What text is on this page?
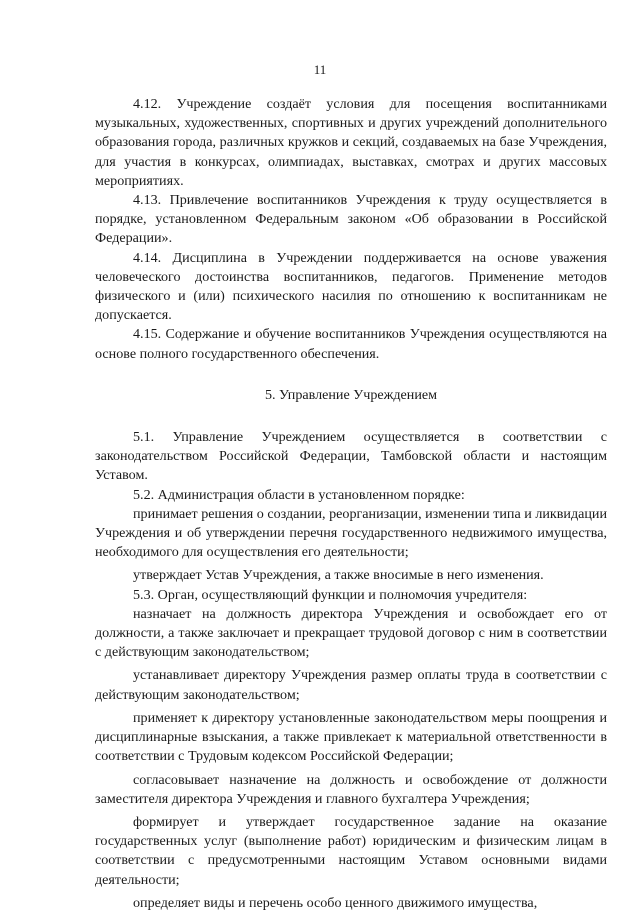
11

4.12. Учреждение создаёт условия для посещения воспитанниками музыкальных, художественных, спортивных и других учреждений дополнительного образования города, различных кружков и секций, создаваемых на базе Учреждения, для участия в конкурсах, олимпиадах, выставках, смотрах и других массовых мероприятиях.

4.13. Привлечение воспитанников Учреждения к труду осуществляется в порядке, установленном Федеральным законом «Об образовании в Российской Федерации».

4.14. Дисциплина в Учреждении поддерживается на основе уважения человеческого достоинства воспитанников, педагогов. Применение методов физического и (или) психического насилия по отношению к воспитанникам не допускается.

4.15. Содержание и обучение воспитанников Учреждения осуществляются на основе полного государственного обеспечения.

5. Управление Учреждением

5.1. Управление Учреждением осуществляется в соответствии с законодательством Российской Федерации, Тамбовской области и настоящим Уставом.

5.2. Администрация области в установленном порядке:

принимает решения о создании, реорганизации, изменении типа и ликвидации Учреждения и об утверждении перечня государственного недвижимого имущества, необходимого для осуществления его деятельности;

утверждает Устав Учреждения, а также вносимые в него изменения.

5.3. Орган, осуществляющий функции и полномочия учредителя:

назначает на должность директора Учреждения и освобождает его от должности, а также заключает и прекращает трудовой договор с ним в соответствии с действующим законодательством;

устанавливает директору Учреждения размер оплаты труда в соответствии с действующим законодательством;

применяет к директору установленные законодательством меры поощрения и дисциплинарные взыскания, а также привлекает к материальной ответственности в соответствии с Трудовым кодексом Российской Федерации;

согласовывает назначение на должность и освобождение от должности заместителя директора Учреждения и главного бухгалтера Учреждения;

формирует и утверждает государственное задание на оказание государственных услуг (выполнение работ) юридическим и физическим лицам в соответствии с предусмотренными настоящим Уставом основными видами деятельности;

определяет виды и перечень особо ценного движимого имущества,
